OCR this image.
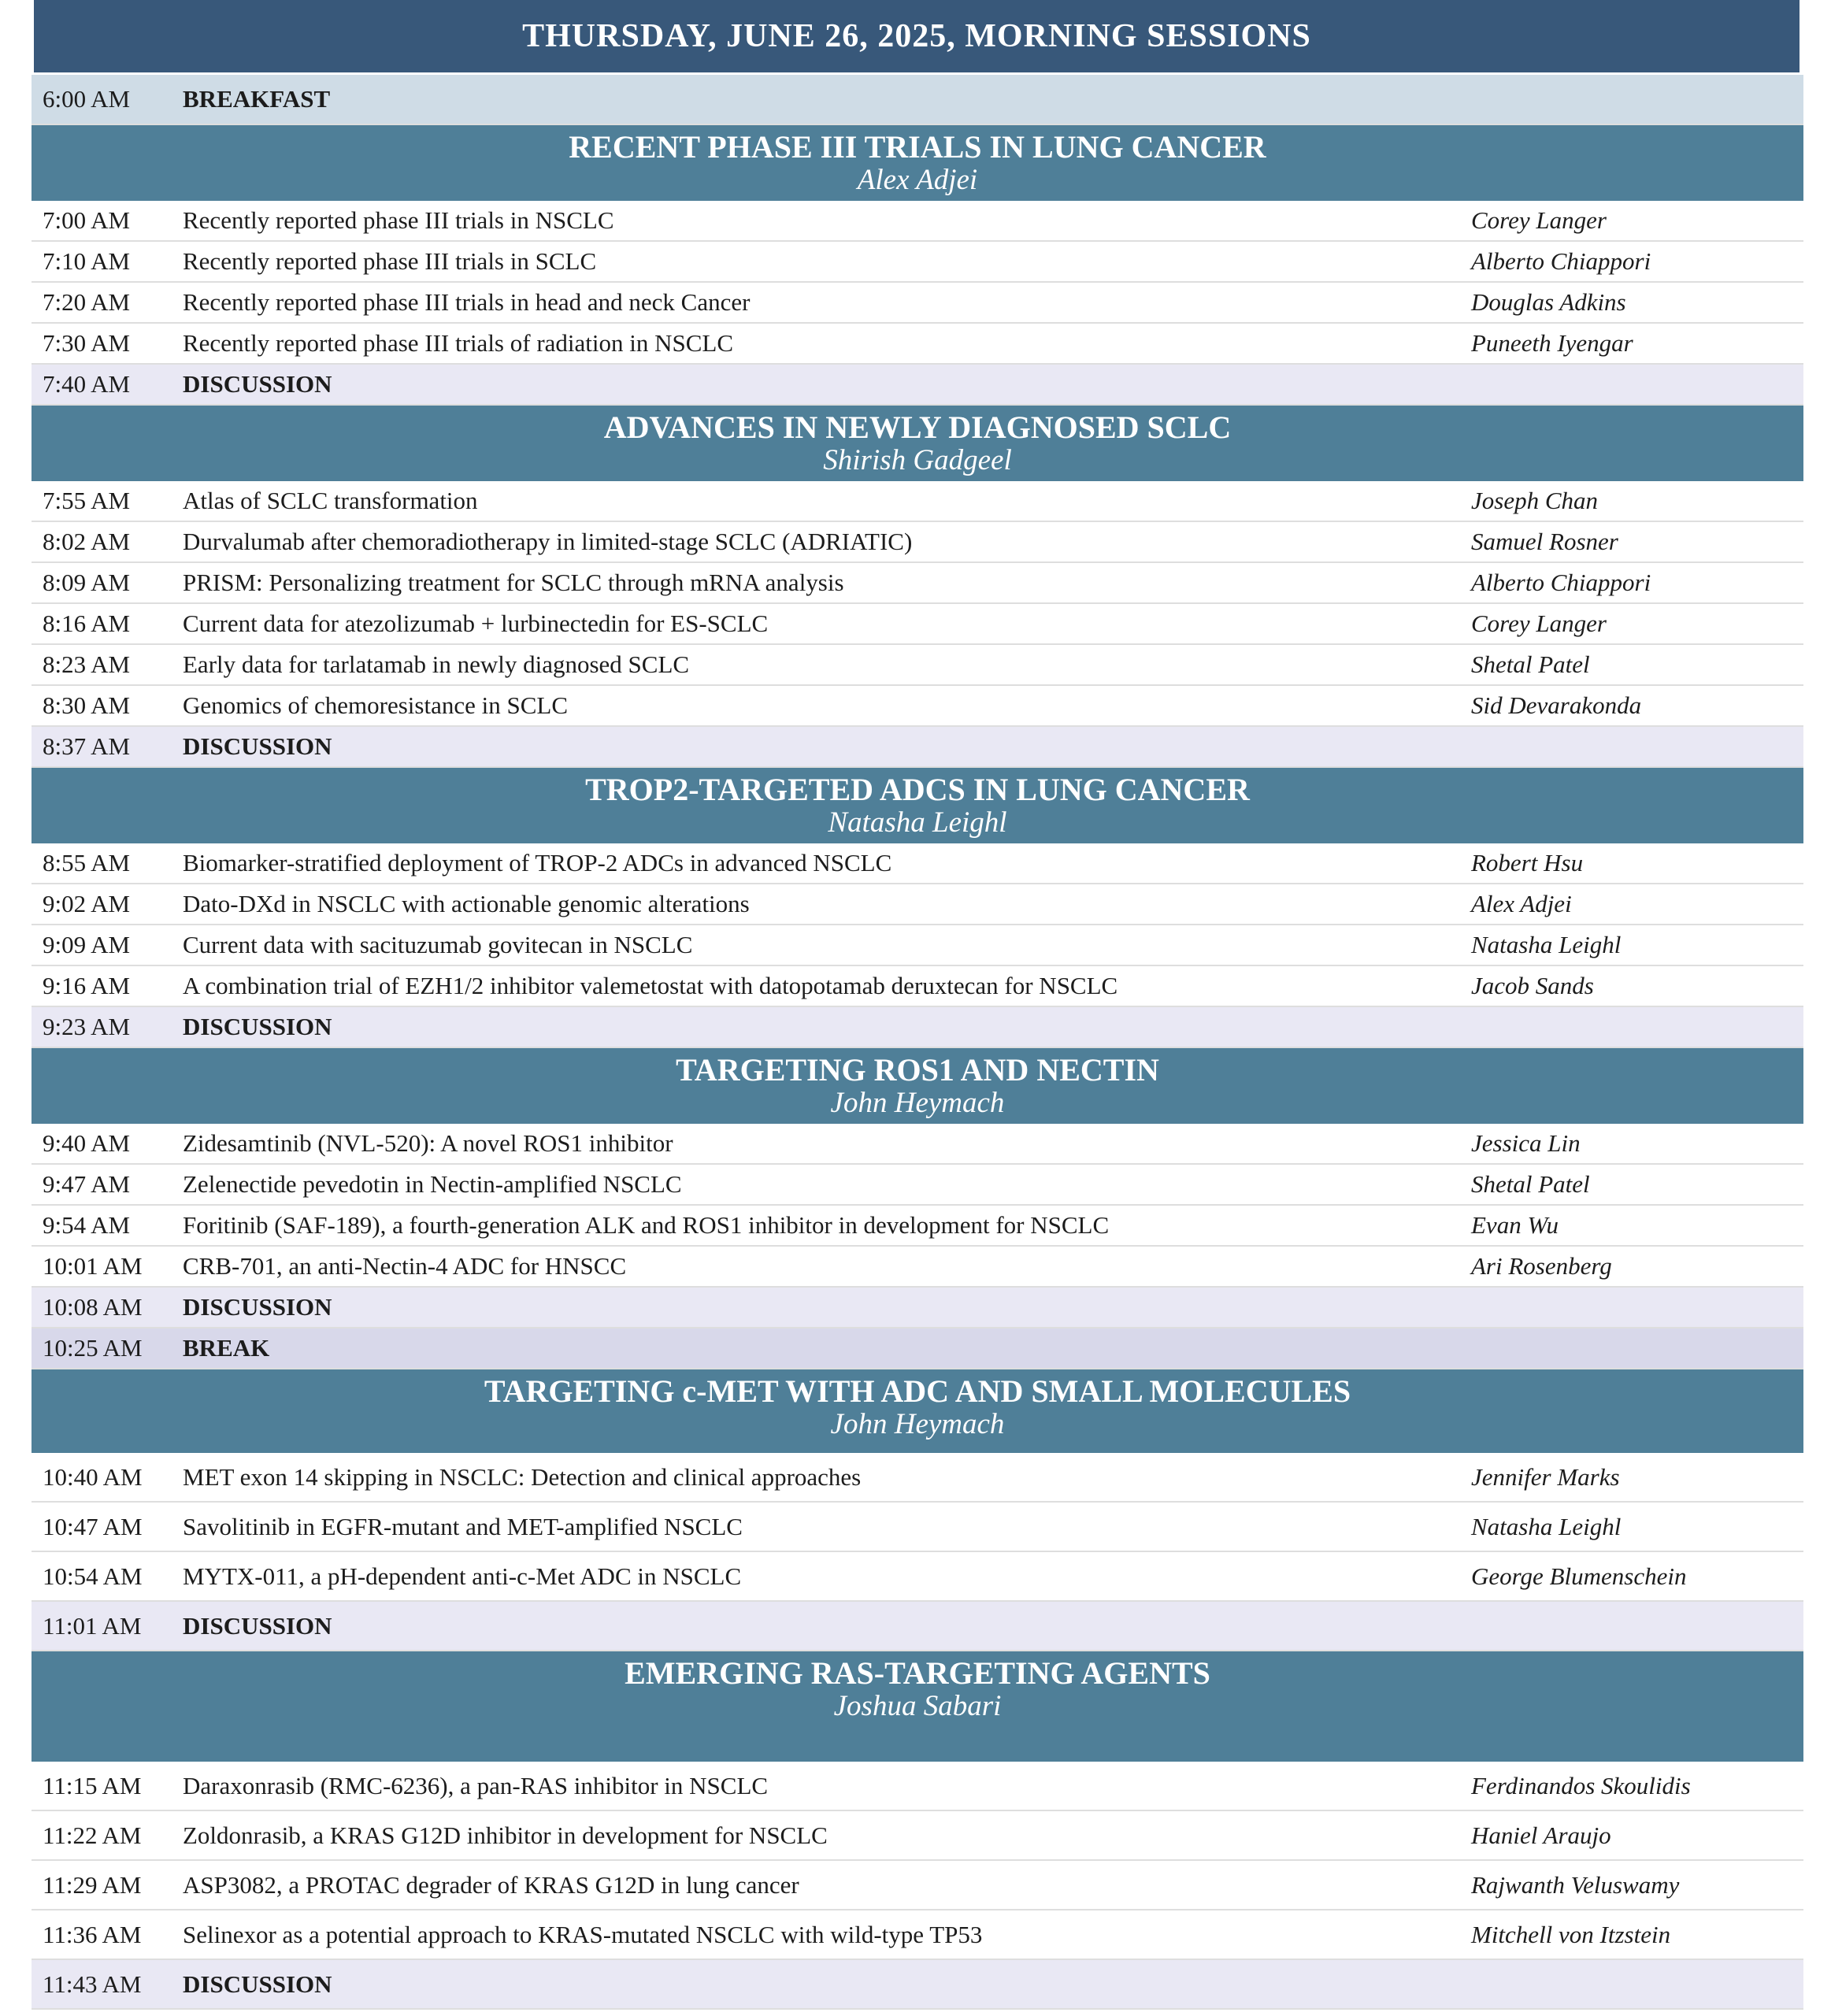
THURSDAY, JUNE 26, 2025, MORNING SESSIONS
6:00 AM	BREAKFAST
RECENT PHASE III TRIALS IN LUNG CANCER
Alex Adjei
7:00 AM	Recently reported phase III trials in NSCLC	Corey Langer
7:10 AM	Recently reported phase III trials in SCLC	Alberto Chiappori
7:20 AM	Recently reported phase III trials in head and neck Cancer	Douglas Adkins
7:30 AM	Recently reported phase III trials of radiation in NSCLC	Puneeth Iyengar
7:40 AM	DISCUSSION
ADVANCES IN NEWLY DIAGNOSED SCLC
Shirish Gadgeel
7:55 AM	Atlas of SCLC transformation	Joseph Chan
8:02 AM	Durvalumab after chemoradiotherapy in limited-stage SCLC (ADRIATIC)	Samuel Rosner
8:09 AM	PRISM: Personalizing treatment for SCLC through mRNA analysis	Alberto Chiappori
8:16 AM	Current data for atezolizumab + lurbinectedin for ES-SCLC	Corey Langer
8:23 AM	Early data for tarlatamab in newly diagnosed SCLC	Shetal Patel
8:30 AM	Genomics of chemoresistance in SCLC	Sid Devarakonda
8:37 AM	DISCUSSION
TROP2-TARGETED ADCS IN LUNG CANCER
Natasha Leighl
8:55 AM	Biomarker-stratified deployment of TROP-2 ADCs in advanced NSCLC	Robert Hsu
9:02 AM	Dato-DXd in NSCLC with actionable genomic alterations	Alex Adjei
9:09 AM	Current data with sacituzumab govitecan in NSCLC	Natasha Leighl
9:16 AM	A combination trial of EZH1/2 inhibitor valemetostat with datopotamab deruxtecan for NSCLC	Jacob Sands
9:23 AM	DISCUSSION
TARGETING ROS1 AND NECTIN
John Heymach
9:40 AM	Zidesamtinib (NVL-520): A novel ROS1 inhibitor	Jessica Lin
9:47 AM	Zelenectide pevedotin in Nectin-amplified NSCLC	Shetal Patel
9:54 AM	Foritinib (SAF-189), a fourth-generation ALK and ROS1 inhibitor in development for NSCLC	Evan Wu
10:01 AM	CRB-701, an anti-Nectin-4 ADC for HNSCC	Ari Rosenberg
10:08 AM	DISCUSSION
10:25 AM	BREAK
TARGETING c-MET WITH ADC AND SMALL MOLECULES
John Heymach
10:40 AM	MET exon 14 skipping in NSCLC: Detection and clinical approaches	Jennifer Marks
10:47 AM	Savolitinib in EGFR-mutant and MET-amplified NSCLC	Natasha Leighl
10:54 AM	MYTX-011, a pH-dependent anti-c-Met ADC in NSCLC	George Blumenschein
11:01 AM	DISCUSSION
EMERGING RAS-TARGETING AGENTS
Joshua Sabari
11:15 AM	Daraxonrasib (RMC-6236), a pan-RAS inhibitor in NSCLC	Ferdinandos Skoulidis
11:22 AM	Zoldonrasib, a KRAS G12D inhibitor in development for NSCLC	Haniel Araujo
11:29 AM	ASP3082, a PROTAC degrader of KRAS G12D in lung cancer	Rajwanth Veluswamy
11:36 AM	Selinexor as a potential approach to KRAS-mutated NSCLC with wild-type TP53	Mitchell von Itzstein
11:43 AM	DISCUSSION
